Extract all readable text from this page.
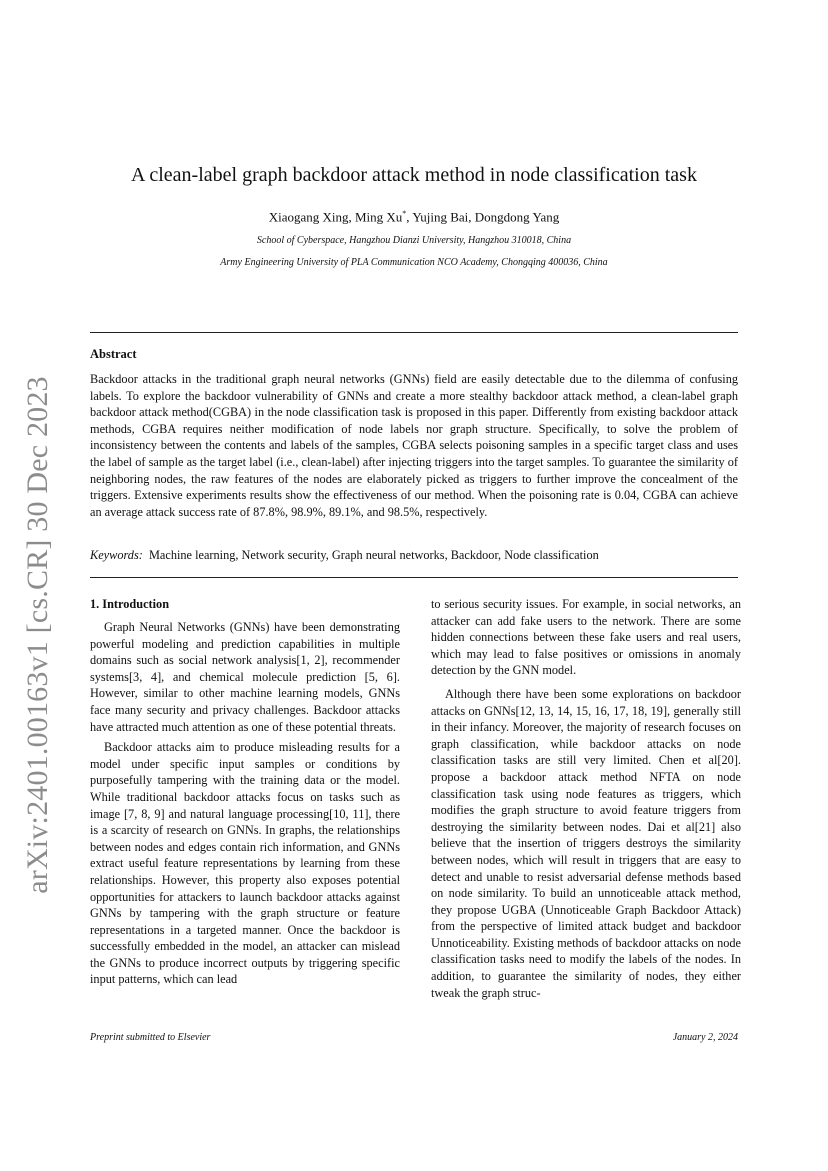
arXiv:2401.00163v1 [cs.CR] 30 Dec 2023
A clean-label graph backdoor attack method in node classification task
Xiaogang Xing, Ming Xu*, Yujing Bai, Dongdong Yang
School of Cyberspace, Hangzhou Dianzi University, Hangzhou 310018, China
Army Engineering University of PLA Communication NCO Academy, Chongqing 400036, China
Abstract
Backdoor attacks in the traditional graph neural networks (GNNs) field are easily detectable due to the dilemma of confusing labels. To explore the backdoor vulnerability of GNNs and create a more stealthy backdoor attack method, a clean-label graph backdoor attack method(CGBA) in the node classification task is proposed in this paper. Differently from existing backdoor attack methods, CGBA requires neither modification of node labels nor graph structure. Specifically, to solve the problem of inconsistency between the contents and labels of the samples, CGBA selects poisoning samples in a specific target class and uses the label of sample as the target label (i.e., clean-label) after injecting triggers into the target samples. To guarantee the similarity of neighboring nodes, the raw features of the nodes are elaborately picked as triggers to further improve the concealment of the triggers. Extensive experiments results show the effectiveness of our method. When the poisoning rate is 0.04, CGBA can achieve an average attack success rate of 87.8%, 98.9%, 89.1%, and 98.5%, respectively.
Keywords: Machine learning, Network security, Graph neural networks, Backdoor, Node classification
1. Introduction

Graph Neural Networks (GNNs) have been demonstrating powerful modeling and prediction capabilities in multiple domains such as social network analysis[1, 2], recommender systems[3, 4], and chemical molecule prediction [5, 6]. However, similar to other machine learning models, GNNs face many security and privacy challenges. Backdoor attacks have attracted much attention as one of these potential threats.

Backdoor attacks aim to produce misleading results for a model under specific input samples or conditions by purposefully tampering with the training data or the model. While traditional backdoor attacks focus on tasks such as image [7, 8, 9] and natural language processing[10, 11], there is a scarcity of research on GNNs. In graphs, the relationships between nodes and edges contain rich information, and GNNs extract useful feature representations by learning from these relationships. However, this property also exposes potential opportunities for attackers to launch backdoor attacks against GNNs by tampering with the graph structure or feature representations in a targeted manner. Once the backdoor is successfully embedded in the model, an attacker can mislead the GNNs to produce incorrect outputs by triggering specific input patterns, which can lead

to serious security issues. For example, in social networks, an attacker can add fake users to the network. There are some hidden connections between these fake users and real users, which may lead to false positives or omissions in anomaly detection by the GNN model.

Although there have been some explorations on backdoor attacks on GNNs[12, 13, 14, 15, 16, 17, 18, 19], generally still in their infancy. Moreover, the majority of research focuses on graph classification, while backdoor attacks on node classification tasks are still very limited. Chen et al[20]. propose a backdoor attack method NFTA on node classification task using node features as triggers, which modifies the graph structure to avoid feature triggers from destroying the similarity between nodes. Dai et al[21] also believe that the insertion of triggers destroys the similarity between nodes, which will result in triggers that are easy to detect and unable to resist adversarial defense methods based on node similarity. To build an unnoticeable attack method, they propose UGBA (Unnoticeable Graph Backdoor Attack) from the perspective of limited attack budget and backdoor Unnoticeability. Existing methods of backdoor attacks on node classification tasks need to modify the labels of the nodes. In addition, to guarantee the similarity of nodes, they either tweak the graph struc-

Preprint submitted to Elsevier	January 2, 2024
